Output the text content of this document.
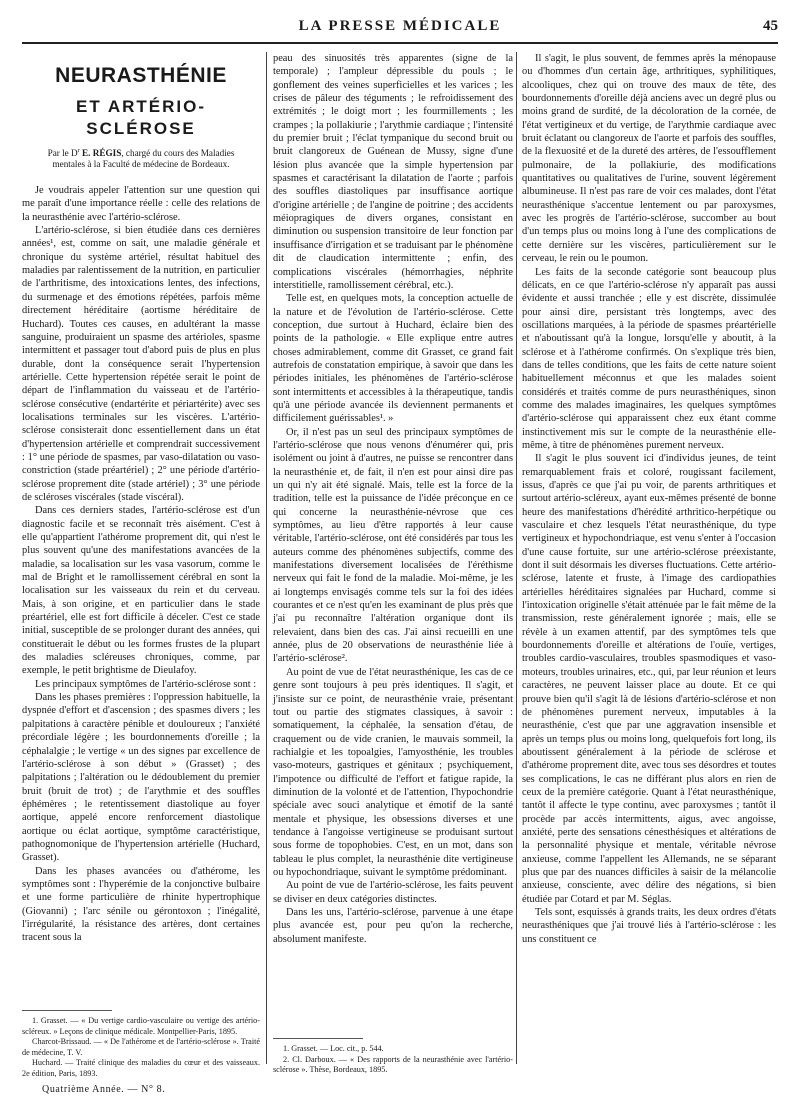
LA PRESSE MÉDICALE	45
NEURASTHÉNIE
ET ARTÉRIO-SCLÉROSE
Par le $D^r$ E. RÉGIS, chargé du cours des Maladies mentales à la Faculté de médecine de Bordeaux.

Je voudrais appeler l'attention sur une question qui me paraît d'une importance réelle : celle des relations de la neurasthénie avec l'artério-sclérose.

L'artério-sclérose, si bien étudiée dans ces dernières années¹, est, comme on sait, une maladie générale et chronique du système artériel, résultat habituel des maladies par ralentissement de la nutrition, en particulier de l'arthritisme, des intoxications lentes, des infections, du surmenage et des émotions répétées, parfois même directement héréditaire (aortisme héréditaire de Huchard). Toutes ces causes, en adultérant la masse sanguine, produiraient un spasme des artérioles, spasme intermittent et passager tout d'abord puis de plus en plus durable, dont la conséquence serait l'hypertension artérielle. Cette hypertension répétée serait le point de départ de l'inflammation du vaisseau et de l'artério-sclérose consécutive (endartérite et périartérite) avec ses localisations terminales sur les viscères. L'artério-sclérose consisterait donc essentiellement dans un état d'hypertension artérielle et comprendrait successivement : 1° une période de spasmes, par vaso-dilatation ou vaso-constriction (stade préartériel) ; 2° une période d'artério-sclérose proprement dite (stade artériel) ; 3° une période de scléroses viscérales (stade viscéral).

Dans ces derniers stades, l'artério-sclérose est d'un diagnostic facile et se reconnaît très aisément. C'est à elle qu'appartient l'athérome proprement dit, qui n'est le plus souvent qu'une des manifestations avancées de la maladie, sa localisation sur les vasa vasorum, comme le mal de Bright et le ramollissement cérébral en sont la localisation sur les vaisseaux du rein et du cerveau. Mais, à son origine, et en particulier dans le stade préartériel, elle est fort difficile à déceler. C'est ce stade initial, susceptible de se prolonger durant des années, qui constituerait le début ou les formes frustes de la plupart des maladies scléreuses chroniques, comme, par exemple, le petit brightisme de Dieulafoy.

Les principaux symptômes de l'artério-sclérose sont :

Dans les phases premières : l'oppression habituelle, la dyspnée d'effort et d'ascension ; des spasmes divers ; les palpitations à caractère pénible et douloureux ; l'anxiété précordiale légère ; les bourdonnements d'oreille ; la céphalalgie ; le vertige « un des signes par excellence de l'artério-sclérose à son début » (Grasset) ; des palpitations ; l'altération ou le dédoublement du premier bruit (bruit de trot) ; de l'arythmie et des souffles éphémères ; le retentissement diastolique au foyer aortique, appelé encore renforcement diastolique aortique ou éclat aortique, symptôme caractéristique, pathognomonique de l'hypertension artérielle (Huchard, Grasset).

Dans les phases avancées ou d'athérome, les symptômes sont : l'hyperémie de la conjonctive bulbaire et une forme particulière de rhinite hypertrophique (Giovanni) ; l'arc sénile ou gérontoxon ; l'inégalité, l'irrégularité, la résistance des artères, dont certaines tracent sous la

peau des sinuosités très apparentes (signe de la temporale) ; l'ampleur dépressible du pouls ; le gonflement des veines superficielles et les varices ; les crises de pâleur des téguments ; le refroidissement des extrémités ; le doigt mort ; les fourmillements ; les crampes ; la pollakiurie ; l'arythmie cardiaque ; l'intensité du premier bruit ; l'éclat tympanique du second bruit ou bruit clangoreux de Guénean de Mussy, signe d'une lésion plus avancée que la simple hypertension par spasmes et caractérisant la dilatation de l'aorte ; parfois des souffles diastoliques par insuffisance aortique d'origine artérielle ; de l'angine de poitrine ; des accidents méiopragiques de divers organes, consistant en diminution ou suspension transitoire de leur fonction par insuffisance d'irrigation et se traduisant par le phénomène dit de claudication intermittente ; enfin, des complications viscérales (hémorrhagies, néphrite interstitielle, ramollissement cérébral, etc.).

Telle est, en quelques mots, la conception actuelle de la nature et de l'évolution de l'artério-sclérose. Cette conception, due surtout à Huchard, éclaire bien des points de la pathologie. « Elle explique entre autres choses admirablement, comme dit Grasset, ce grand fait autrefois de constatation empirique, à savoir que dans les périodes initiales, les phénomènes de l'artério-sclérose sont intermittents et accessibles à la thérapeutique, tandis qu'à une période avancée ils deviennent permanents et difficilement guérissables¹. »

Or, il n'est pas un seul des principaux symptômes de l'artério-sclérose que nous venons d'énumérer qui, pris isolément ou joint à d'autres, ne puisse se rencontrer dans la neurasthénie et, de fait, il n'en est pour ainsi dire pas un qui n'y ait été signalé. Mais, telle est la force de la tradition, telle est la puissance de l'idée préconçue en ce qui concerne la neurasthénie-névrose que ces symptômes, au lieu d'être rapportés à leur cause véritable, l'artério-sclérose, ont été considérés par tous les auteurs comme des phénomènes subjectifs, comme des manifestations diversement localisées de l'éréthisme nerveux qui fait le fond de la maladie. Moi-même, je les ai longtemps envisagés comme tels sur la foi des idées courantes et ce n'est qu'en les examinant de plus près que j'ai pu reconnaître l'altération organique dont ils relevaient, dans bien des cas. J'ai ainsi recueilli en une année, plus de 20 observations de neurasthénie liée à l'artério-sclérose².

Au point de vue de l'état neurasthénique, les cas de ce genre sont toujours à peu près identiques. Il s'agit, et j'insiste sur ce point, de neurasthénie vraie, présentant tout ou partie des stigmates classiques, à savoir : somatiquement, la céphalée, la sensation d'étau, de craquement ou de vide cranien, le mauvais sommeil, la rachialgie et les topoalgies, l'amyosthénie, les troubles vaso-moteurs, gastriques et génitaux ; psychiquement, l'impotence ou difficulté de l'effort et fatigue rapide, la diminution de la volonté et de l'attention, l'hypochondrie spéciale avec souci analytique et émotif de la santé mentale et physique, les obsessions diverses et une tendance à l'angoisse vertigineuse se produisant surtout sous forme de topophobies. C'est, en un mot, dans son tableau le plus complet, la neurasthénie dite vertigineuse ou hypochondriaque, suivant le symptôme prédominant.

Au point de vue de l'artério-sclérose, les faits peuvent se diviser en deux catégories distinctes.

Dans les uns, l'artério-sclérose, parvenue à une étape plus avancée est, pour peu qu'on la recherche, absolument manifeste.

Il s'agit, le plus souvent, de femmes après la ménopause ou d'hommes d'un certain âge, arthritiques, syphilitiques, alcooliques, chez qui on trouve des maux de tête, des bourdonnements d'oreille déjà anciens avec un degré plus ou moins grand de surdité, de la décoloration de la cornée, de l'état vertigineux et du vertige, de l'arythmie cardiaque avec bruit éclatant ou clangoreux de l'aorte et parfois des souffles, de la flexuosité et de la dureté des artères, de l'essoufflement pulmonaire, de la pollakiurie, des modifications quantitatives ou qualitatives de l'urine, souvent légèrement albumineuse. Il n'est pas rare de voir ces malades, dont l'état neurasthénique s'accentue lentement ou par paroxysmes, avec les progrès de l'artério-sclérose, succomber au bout d'un temps plus ou moins long à l'une des complications de cette dernière sur les viscères, particulièrement sur le cerveau, le rein ou le poumon.

Les faits de la seconde catégorie sont beaucoup plus délicats, en ce que l'artério-sclérose n'y apparaît pas aussi évidente et aussi tranchée ; elle y est discrète, dissimulée pour ainsi dire, persistant très longtemps, avec des oscillations marquées, à la période de spasmes préartérielle et n'aboutissant qu'à la longue, lorsqu'elle y aboutit, à la sclérose et à l'athérome confirmés. On s'explique très bien, dans de telles conditions, que les faits de cette nature soient habituellement méconnus et que les malades soient considérés et traités comme de purs neurasthéniques, sinon comme des malades imaginaires, les quelques symptômes d'artério-sclérose qui apparaissent chez eux étant comme instinctivement mis sur le compte de la neurasthénie elle-même, à titre de phénomènes purement nerveux.

Il s'agit le plus souvent ici d'individus jeunes, de teint remarquablement frais et coloré, rougissant facilement, issus, d'après ce que j'ai pu voir, de parents arthritiques et surtout artério-scléreux, ayant eux-mêmes présenté de bonne heure des manifestations d'hérédité arthritico-herpétique ou vasculaire et chez lesquels l'état neurasthénique, du type vertigineux et hypochondriaque, est venu s'enter à l'occasion d'une cause fortuite, sur une artério-sclérose préexistante, dont il suit désormais les diverses fluctuations. Cette artério-sclérose, latente et fruste, à l'image des cardiopathies artérielles héréditaires signalées par Huchard, comme si l'intoxication originelle s'était atténuée par le fait même de la transmission, reste généralement ignorée ; mais, elle se révèle à un examen attentif, par des symptômes tels que bourdonnements d'oreille et altérations de l'ouïe, vertiges, troubles cardio-vasculaires, troubles spasmodiques et vaso-moteurs, troubles urinaires, etc., qui, par leur réunion et leurs caractères, ne peuvent laisser place au doute. Et ce qui prouve bien qu'il s'agit là de lésions d'artério-sclérose et non de phénomènes purement nerveux, imputables à la neurasthénie, c'est que par une aggravation insensible et après un temps plus ou moins long, quelquefois fort long, ils aboutissent généralement à la période de sclérose et d'athérome proprement dite, avec tous ses désordres et toutes ses complications, le cas ne différant plus alors en rien de ceux de la première catégorie. Quant à l'état neurasthénique, tantôt il affecte le type continu, avec paroxysmes ; tantôt il procède par accès intermittents, aigus, avec angoisse, anxiété, perte des sensations cénesthésiques et altérations de la personnalité physique et mentale, véritable névrose anxieuse, comme l'appellent les Allemands, ne se séparant plus que par des nuances difficiles à saisir de la mélancolie anxieuse, consciente, avec délire des négations, si bien étudiée par Cotard et par M. Séglas.

Tels sont, esquissés à grands traits, les deux ordres d'états neurasthéniques que j'ai trouvé liés à l'artério-sclérose : les uns constituent ce

1. Grasset. — « Du vertige cardio-vasculaire ou vertige des artério-scléreux. » Leçons de clinique médicale. Montpellier-Paris, 1895.

Charcot-Brissaud. — « De l'athérome et de l'artério-sclérose ». Traité de médecine, T. V.

Huchard. — Traité clinique des maladies du cœur et des vaisseaux. 2e édition, Paris, 1893.

1. Grasset. — Loc. cit., p. 544.

2. Cl. Darboux. — « Des rapports de la neurasthénie avec l'artério-sclérose ». Thèse, Bordeaux, 1895.

Quatrième Année. — N° 8.
